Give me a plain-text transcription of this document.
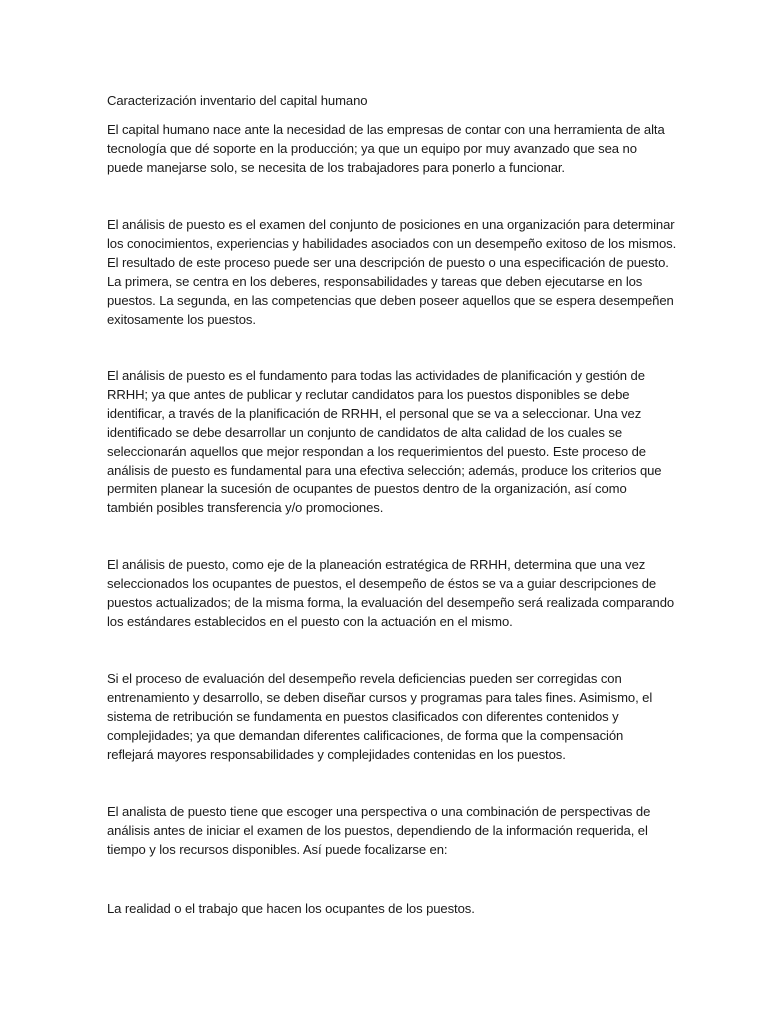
Caracterización inventario del capital humano
El capital humano nace ante la necesidad de las empresas de contar con una herramienta de alta
tecnología que dé soporte en la producción; ya que un equipo por muy avanzado que sea no
puede manejarse solo, se necesita de los trabajadores para ponerlo a funcionar.
El análisis de puesto es el examen del conjunto de posiciones en una organización para determinar
los conocimientos, experiencias y habilidades asociados con un desempeño exitoso de los mismos.
El resultado de este proceso puede ser una descripción de puesto o una especificación de puesto.
La primera, se centra en los deberes, responsabilidades y tareas que deben ejecutarse en los
puestos. La segunda, en las competencias que deben poseer aquellos que se espera desempeñen
exitosamente los puestos.
El análisis de puesto es el fundamento para todas las actividades de planificación y gestión de
RRHH; ya que antes de publicar y reclutar candidatos para los puestos disponibles se debe
identificar, a través de la planificación de RRHH, el personal que se va a seleccionar. Una vez
identificado se debe desarrollar un conjunto de candidatos de alta calidad de los cuales se
seleccionarán aquellos que mejor respondan a los requerimientos del puesto. Este proceso de
análisis de puesto es fundamental para una efectiva selección; además, produce los criterios que
permiten planear la sucesión de ocupantes de puestos dentro de la organización, así como
también posibles transferencia y/o promociones.
El análisis de puesto, como eje de la planeación estratégica de RRHH, determina que una vez
seleccionados los ocupantes de puestos, el desempeño de éstos se va a guiar descripciones de
puestos actualizados; de la misma forma, la evaluación del desempeño será realizada comparando
los estándares establecidos en el puesto con la actuación en el mismo.
Si el proceso de evaluación del desempeño revela deficiencias pueden ser corregidas con
entrenamiento y desarrollo, se deben diseñar cursos y programas para tales fines. Asimismo, el
sistema de retribución se fundamenta en puestos clasificados con diferentes contenidos y
complejidades; ya que demandan diferentes calificaciones, de forma que la compensación
reflejará mayores responsabilidades y complejidades contenidas en los puestos.
El analista de puesto tiene que escoger una perspectiva o una combinación de perspectivas de
análisis antes de iniciar el examen de los puestos, dependiendo de la información requerida, el
tiempo y los recursos disponibles. Así puede focalizarse en:
La realidad o el trabajo que hacen los ocupantes de los puestos.
